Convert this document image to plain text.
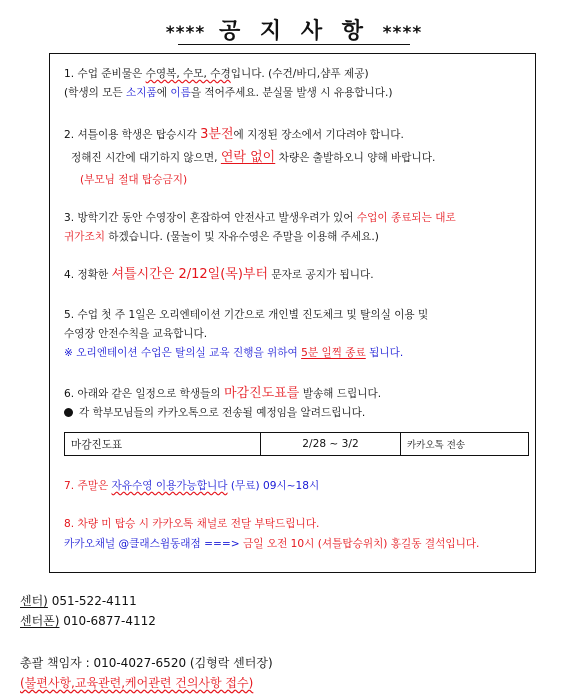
**** 공 지 사 항 ****
1. 수업 준비물은 수영복, 수모, 수경입니다. (수건/바디,샴푸 제공)
(학생의 모든 소지품에 이름을 적어주세요. 분실물 발생 시 유용합니다.)
2. 셔틀이용 학생은 탑승시각 3분전에 지정된 장소에서 기다려야 합니다.
정해진 시간에 대기하지 않으면, 연락 없이 차량은 출발하오니 양해 바랍니다.
(부모님 절대 탑승금지)
3. 방학기간 동안 수영장이 혼잡하여 안전사고 발생우려가 있어 수업이 종료되는 대로
귀가조치 하겠습니다. (물놀이 및 자유수영은 주말을 이용해 주세요.)
4. 정확한 셔틀시간은 2/12일(목)부터 문자로 공지가 됩니다.
5. 수업 첫 주 1일은 오리엔테이션 기간으로 개인별 진도체크 및 탈의실 이용 및
수영장 안전수칙을 교육합니다.
※ 오리엔테이션 수업은 탈의실 교육 진행을 위하여 5분 일찍 종료 됩니다.
6. 아래와 같은 일정으로 학생들의 마감진도표를 발송해 드립니다.
각 학부모님들의 카카오톡으로 전송될 예정임을 알려드립니다.
마감진도표	2/28 ~ 3/2	카카오톡 전송
7. 주말은 자유수영 이용가능합니다 (무료) 09시~18시
8. 차량 미 탑승 시 카카오톡 채널로 전달 부탁드립니다.
카카오채널 @클래스윔동래점 ===> 금일 오전 10시 (셔틀탑승위치) 홍길동 결석입니다.
센터) 051-522-4111
센터폰) 010-6877-4112
총괄 책임자 : 010-4027-6520 (김형락 센터장)
(불편사항,교육관련,케어관련 건의사항 접수)
